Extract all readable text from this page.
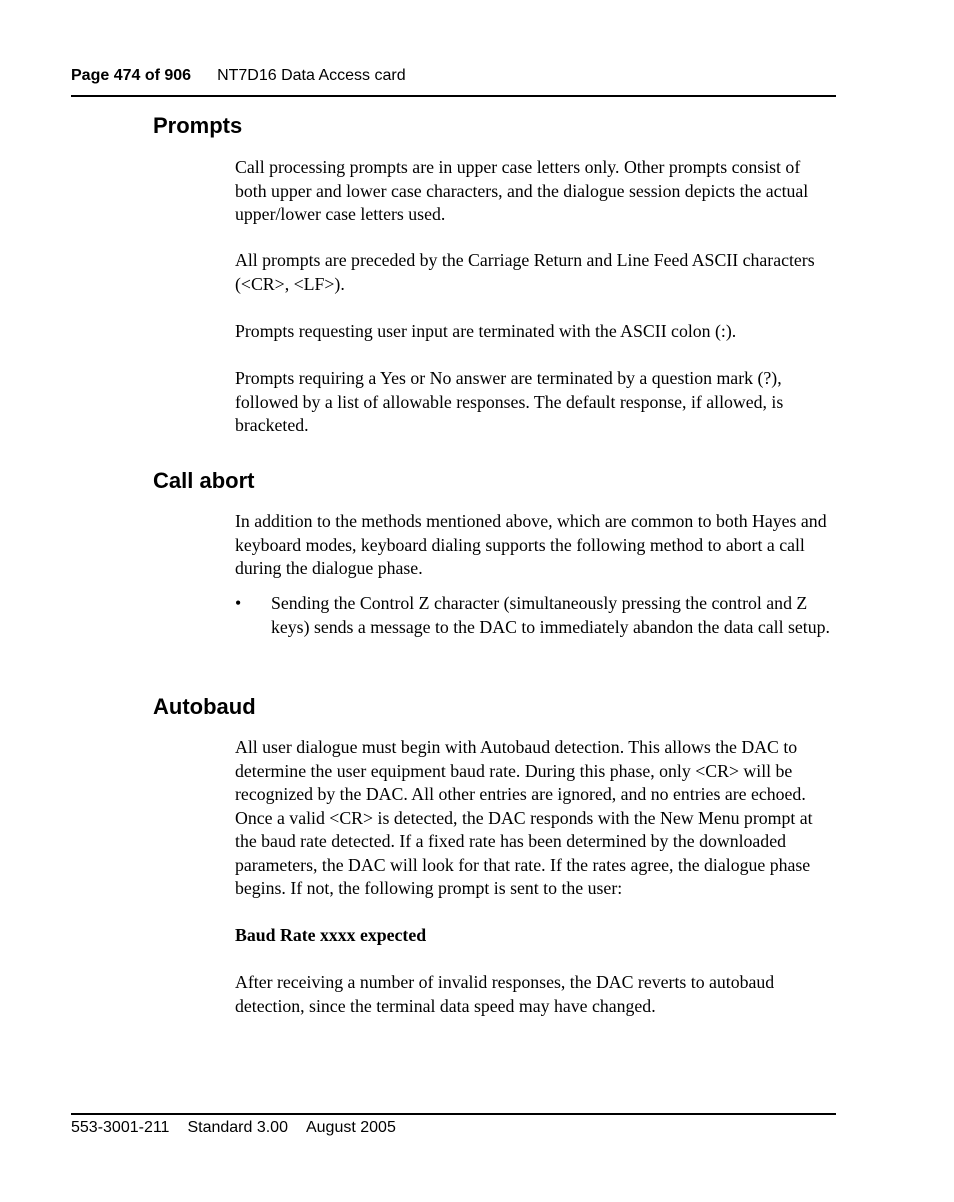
Page 474 of 906 NT7D16 Data Access card
Prompts

Call processing prompts are in upper case letters only. Other prompts consist of both upper and lower case characters, and the dialogue session depicts the actual upper/lower case letters used.

All prompts are preceded by the Carriage Return and Line Feed ASCII characters (<CR>, <LF>).

Prompts requesting user input are terminated with the ASCII colon (:).

Prompts requiring a Yes or No answer are terminated by a question mark (?), followed by a list of allowable responses. The default response, if allowed, is bracketed.

Call abort

In addition to the methods mentioned above, which are common to both Hayes and keyboard modes, keyboard dialing supports the following method to abort a call during the dialogue phase.

• Sending the Control Z character (simultaneously pressing the control and Z keys) sends a message to the DAC to immediately abandon the data call setup.
Autobaud

All user dialogue must begin with Autobaud detection. This allows the DAC to determine the user equipment baud rate. During this phase, only <CR> will be recognized by the DAC. All other entries are ignored, and no entries are echoed. Once a valid <CR> is detected, the DAC responds with the New Menu prompt at the baud rate detected. If a fixed rate has been determined by the downloaded parameters, the DAC will look for that rate. If the rates agree, the dialogue phase begins. If not, the following prompt is sent to the user:

Baud Rate xxxx expected

After receiving a number of invalid responses, the DAC reverts to autobaud detection, since the terminal data speed may have changed.

553-3001-211 Standard 3.00 August 2005
